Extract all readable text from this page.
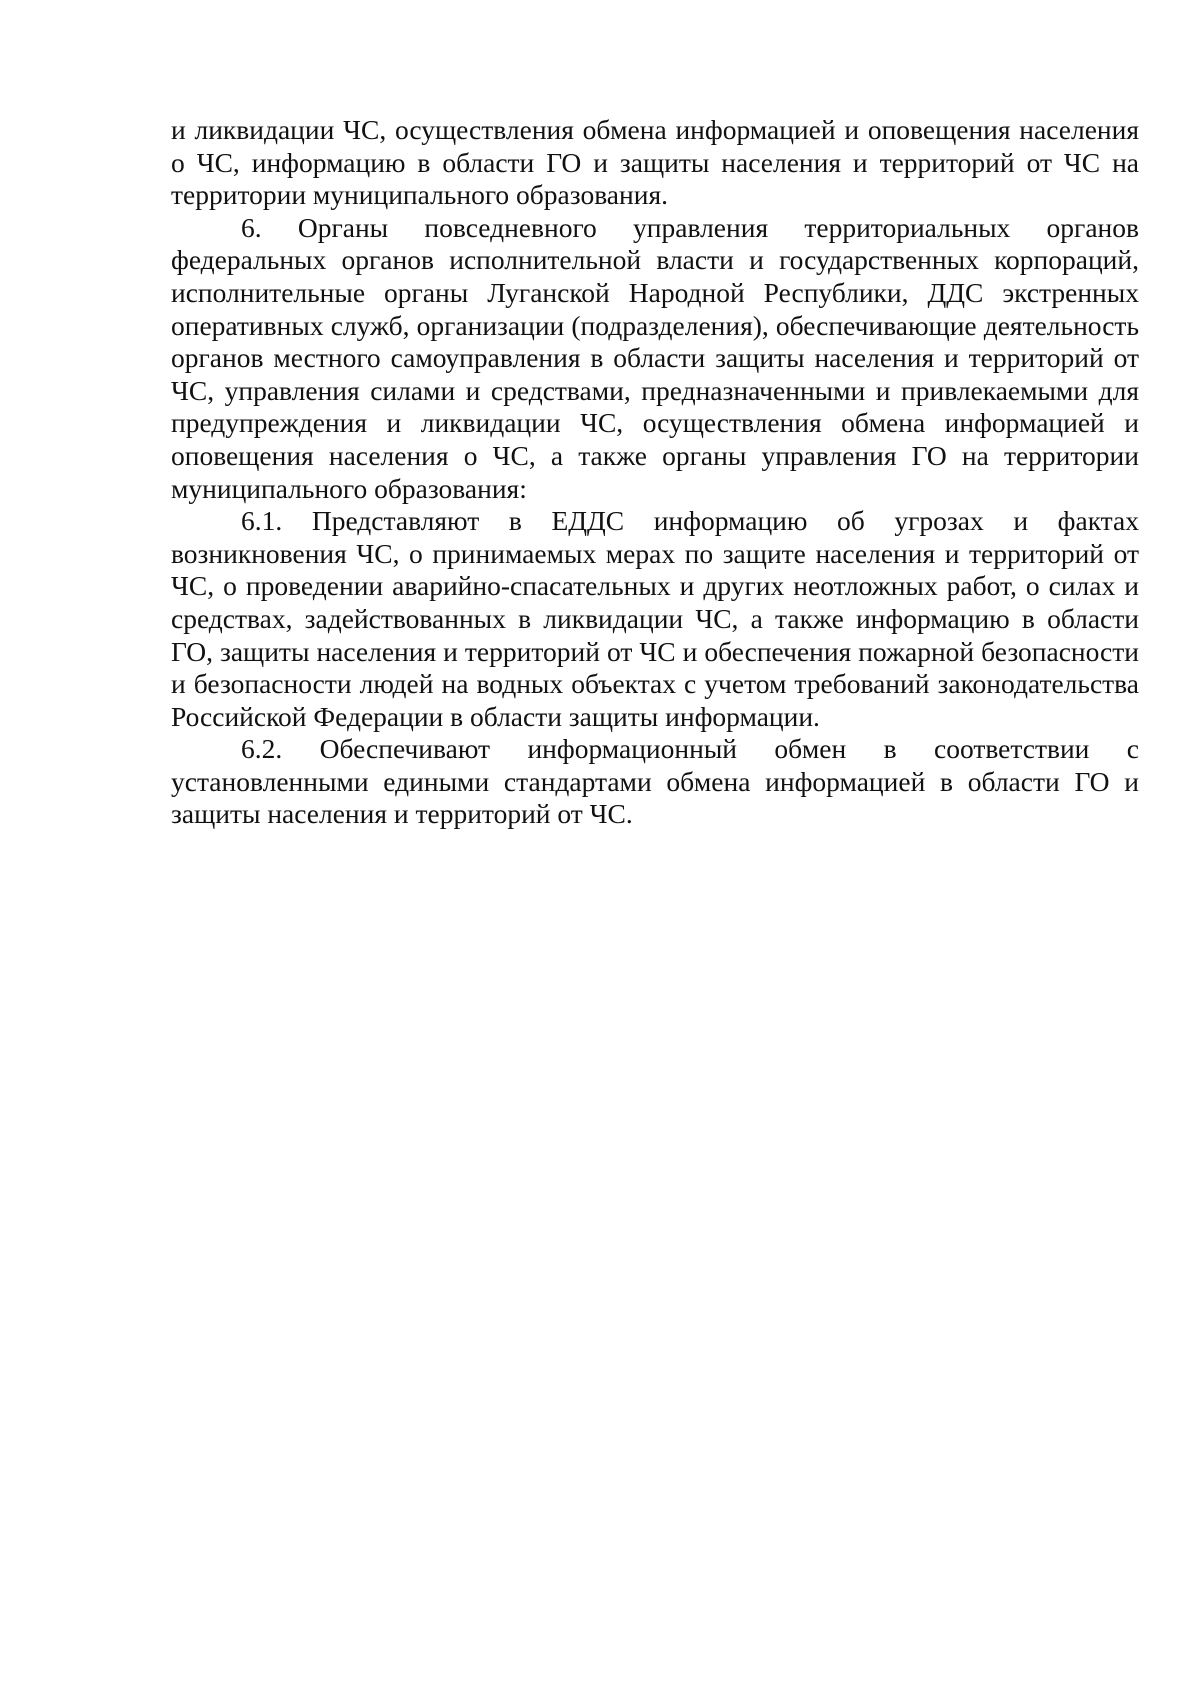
и ликвидации ЧС, осуществления обмена информацией и оповещения населения о ЧС, информацию в области ГО и защиты населения и территорий от ЧС на территории муниципального образования.

6. Органы повседневного управления территориальных органов федеральных органов исполнительной власти и государственных корпораций, исполнительные органы Луганской Народной Республики, ДДС экстренных оперативных служб, организации (подразделения), обеспечивающие деятельность органов местного самоуправления в области защиты населения и территорий от ЧС, управления силами и средствами, предназначенными и привлекаемыми для предупреждения и ликвидации ЧС, осуществления обмена информацией и оповещения населения о ЧС, а также органы управления ГО на территории муниципального образования:

6.1. Представляют в ЕДДС информацию об угрозах и фактах возникновения ЧС, о принимаемых мерах по защите населения и территорий от ЧС, о проведении аварийно-спасательных и других неотложных работ, о силах и средствах, задействованных в ликвидации ЧС, а также информацию в области ГО, защиты населения и территорий от ЧС и обеспечения пожарной безопасности и безопасности людей на водных объектах с учетом требований законодательства Российской Федерации в области защиты информации.

6.2. Обеспечивают информационный обмен в соответствии с установленными едиными стандартами обмена информацией в области ГО и защиты населения и территорий от ЧС.
